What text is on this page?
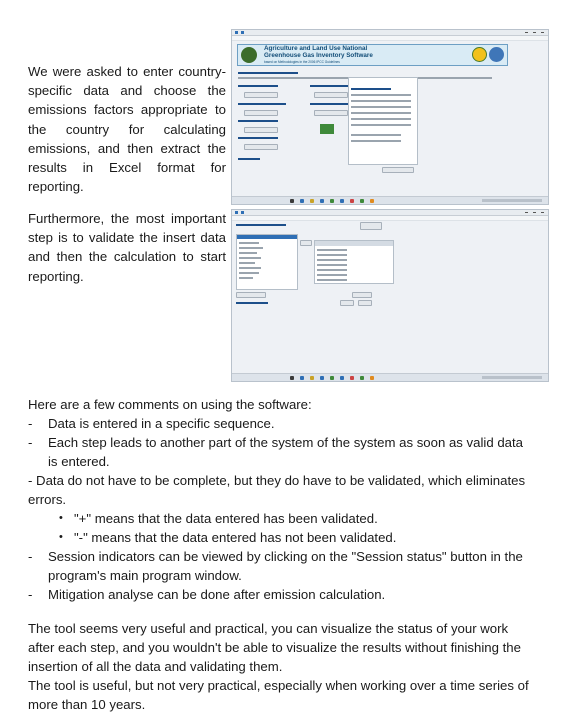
We were asked to enter country-specific data and choose the emissions factors appropriate to the country for calculating emissions, and then extract the results in Excel format for reporting.
Furthermore, the most important step is to validate the insert data and then the calculation to start reporting.
Agriculture and Land Use National
Greenhouse Gas Inventory Software
based on Methodologies in the 2006 IPCC Guidelines
Here are a few comments on using the software:
-	Data is entered in a specific sequence.
-	Each step leads to another part of the system of the system as soon as valid data
is entered.
- Data do not have to be complete, but they do have to be validated, which eliminates
errors.
• "+" means that the data entered has been validated.
• "-" means that the data entered has not been validated.
-	Session indicators can be viewed by clicking on the "Session status" button in the
program's main program window.
-	Mitigation analyse can be done after emission calculation.
The tool seems very useful and practical, you can visualize the status of your work
after each step, and you wouldn't be able to visualize the results without finishing the
insertion of all the data and validating them.
The tool is useful, but not very practical, especially when working over a time series of
more than 10 years.
